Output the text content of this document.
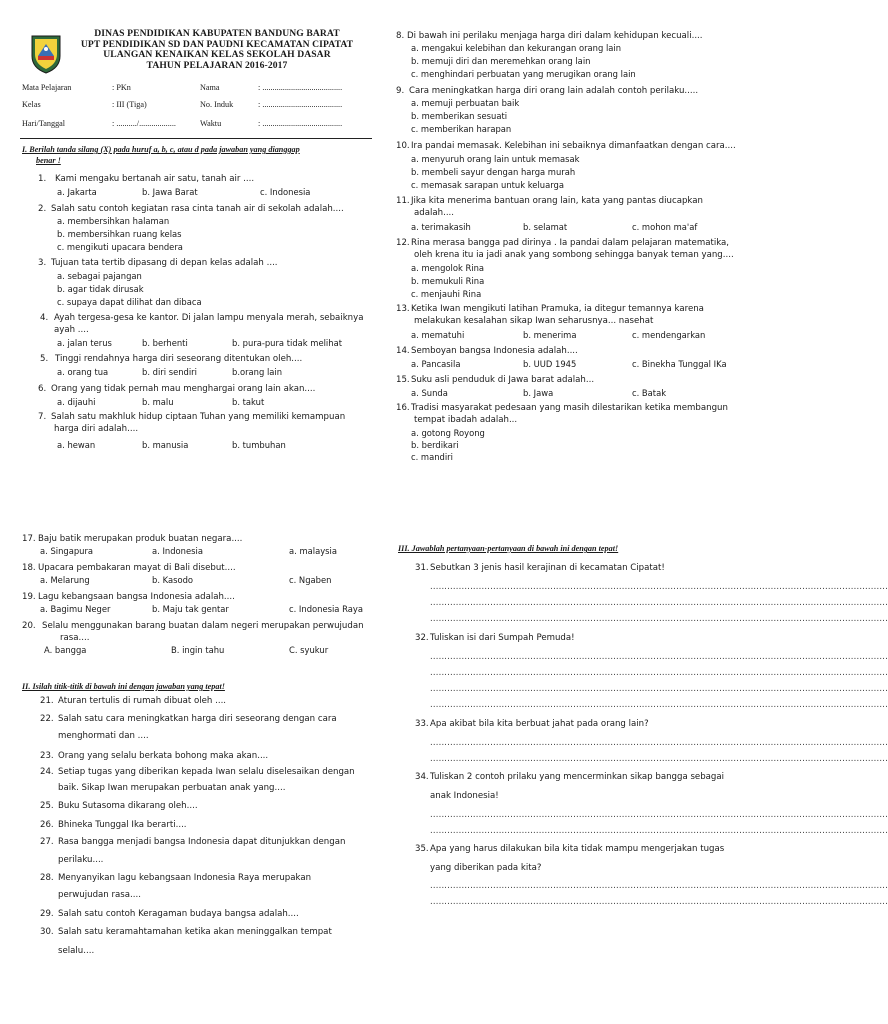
DINAS PENDIDIKAN KABUPATEN BANDUNG BARAT
UPT PENDIDIKAN SD DAN PAUDNI KECAMATAN CIPATAT
ULANGAN KENAIKAN KELAS SEKOLAH DASAR
TAHUN PELAJARAN 2016-2017
Mata Pelajaran	: PKn	Nama	: .......................................
Kelas	: III (Tiga)	No. Induk	: .......................................
Hari/Tanggal	: ........../..................	Waktu	: .......................................
I. Berilah tanda silang (X) pada huruf a, b, c, atau d pada jawaban yang dianggap
benar !
1. Kami mengaku bertanah air satu, tanah air ....
a. Jakarta	b. Jawa Barat	c. Indonesia
2. Salah satu contoh kegiatan rasa cinta tanah air di sekolah adalah....
a. membersihkan halaman
b. membersihkan ruang kelas
c. mengikuti upacara bendera
3. Tujuan tata tertib dipasang di depan kelas adalah ....
a. sebagai pajangan
b. agar tidak dirusak
c. supaya dapat dilihat dan dibaca
4. Ayah tergesa-gesa ke kantor. Di jalan lampu menyala merah, sebaiknya
ayah ....
a. jalan terus	b. berhenti	b. pura-pura tidak melihat
5. Tinggi rendahnya harga diri seseorang ditentukan oleh....
a. orang tua	b. diri sendiri	b.orang lain
6. Orang yang tidak pernah mau menghargai orang lain akan....
a. dijauhi	b. malu	b. takut
7. Salah satu makhluk hidup ciptaan Tuhan yang memiliki kemampuan
harga diri adalah....
a. hewan	b. manusia	b. tumbuhan
8. Di bawah ini perilaku menjaga harga diri dalam kehidupan kecuali....
a. mengakui kelebihan dan kekurangan orang lain
b. memuji diri dan meremehkan orang lain
c. menghindari perbuatan yang merugikan orang lain
9. Cara meningkatkan harga diri orang lain adalah contoh perilaku.....
a. memuji perbuatan baik
b. memberikan sesuati
c. memberikan harapan
10. Ira pandai memasak. Kelebihan ini sebaiknya dimanfaatkan dengan cara....
a. menyuruh orang lain untuk memasak
b. membeli sayur dengan harga murah
c. memasak sarapan untuk keluarga
11. Jika kita menerima bantuan orang lain, kata yang pantas diucapkan
adalah....
a. terimakasih	b. selamat	c. mohon ma'af
12. Rina merasa bangga pad dirinya . Ia pandai dalam pelajaran matematika,
oleh krena itu ia jadi anak yang sombong sehingga banyak teman yang....
a. mengolok Rina
b. memukuli Rina
c. menjauhi Rina
13. Ketika Iwan mengikuti latihan Pramuka, ia ditegur temannya karena
melakukan kesalahan sikap Iwan seharusnya... nasehat
a. mematuhi	b. menerima	c. mendengarkan
14. Semboyan bangsa Indonesia adalah....
a. Pancasila	b. UUD 1945	c. Binekha Tunggal IKa
15. Suku asli penduduk di Jawa barat adalah...
a. Sunda	b. Jawa	c. Batak
16. Tradisi masyarakat pedesaan yang masih dilestarikan ketika membangun
tempat ibadah adalah...
a. gotong Royong
b. berdikari
c. mandiri
17. Baju batik merupakan produk buatan negara....
a. Singapura	a. Indonesia	a. malaysia
18. Upacara pembakaran mayat di Bali disebut....
a. Melarung	b. Kasodo	c. Ngaben
19. Lagu kebangsaan bangsa Indonesia adalah....
a. Bagimu Neger	b. Maju tak gentar	c. Indonesia Raya
20. Selalu menggunakan barang buatan dalam negeri merupakan perwujudan
rasa....
A. bangga	B. ingin tahu	C. syukur
II. Isilah titik-titik di bawah ini dengan jawaban yang tepat!
21. Aturan tertulis di rumah dibuat oleh ....
22. Salah satu cara meningkatkan harga diri seseorang dengan cara
menghormati dan ....
23. Orang yang selalu berkata bohong maka akan....
24. Setiap tugas yang diberikan kepada Iwan selalu diselesaikan dengan
baik. Sikap Iwan merupakan perbuatan anak yang....
25. Buku Sutasoma dikarang oleh....
26. Bhineka Tunggal Ika berarti....
27. Rasa bangga menjadi bangsa Indonesia dapat ditunjukkan dengan
perilaku....
28. Menyanyikan lagu kebangsaan Indonesia Raya merupakan
perwujudan rasa....
29. Salah satu contoh Keragaman budaya bangsa adalah....
30. Salah satu keramahtamahan ketika akan meninggalkan tempat
selalu....
III. Jawablah pertanyaan-pertanyaan di bawah ini dengan tepat!
31. Sebutkan 3 jenis hasil kerajinan di kecamatan Cipatat!
................................................................................................................................................................
................................................................................................................................................................
................................................................................................................................................................
32. Tuliskan isi dari Sumpah Pemuda!
................................................................................................................................................................
................................................................................................................................................................
................................................................................................................................................................
................................................................................................................................................................
33. Apa akibat bila kita berbuat jahat pada orang lain?
................................................................................................................................................................
................................................................................................................................................................
34. Tuliskan 2 contoh prilaku yang mencerminkan sikap bangga sebagai
anak Indonesia!
................................................................................................................................................................
................................................................................................................................................................
35. Apa yang harus dilakukan bila kita tidak mampu mengerjakan tugas
yang diberikan pada kita?
................................................................................................................................................................
................................................................................................................................................................
